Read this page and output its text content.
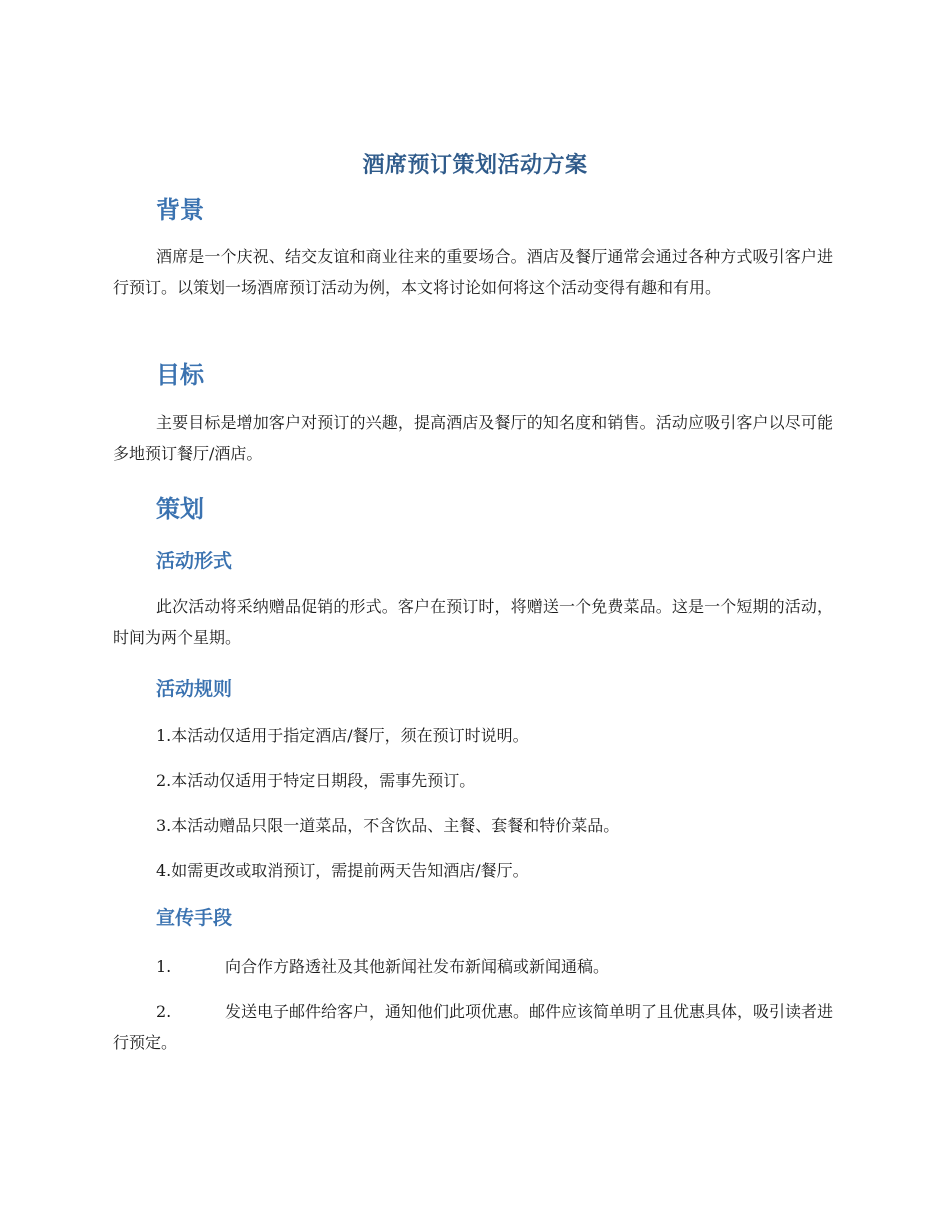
酒席预订策划活动方案
背景
酒席是一个庆祝、结交友谊和商业往来的重要场合。酒店及餐厅通常会通过各种方式吸引客户进行预订。以策划一场酒席预订活动为例，本文将讨论如何将这个活动变得有趣和有用。
目标
主要目标是增加客户对预订的兴趣，提高酒店及餐厅的知名度和销售。活动应吸引客户以尽可能多地预订餐厅/酒店。
策划
活动形式
此次活动将采纳赠品促销的形式。客户在预订时，将赠送一个免费菜品。这是一个短期的活动，时间为两个星期。
活动规则
1.本活动仅适用于指定酒店/餐厅，须在预订时说明。
2.本活动仅适用于特定日期段，需事先预订。
3.本活动赠品只限一道菜品，不含饮品、主餐、套餐和特价菜品。
4.如需更改或取消预订，需提前两天告知酒店/餐厅。
宣传手段
1.	向合作方路透社及其他新闻社发布新闻稿或新闻通稿。
2.	发送电子邮件给客户，通知他们此项优惠。邮件应该简单明了且优惠具体，吸引读者进行预定。
